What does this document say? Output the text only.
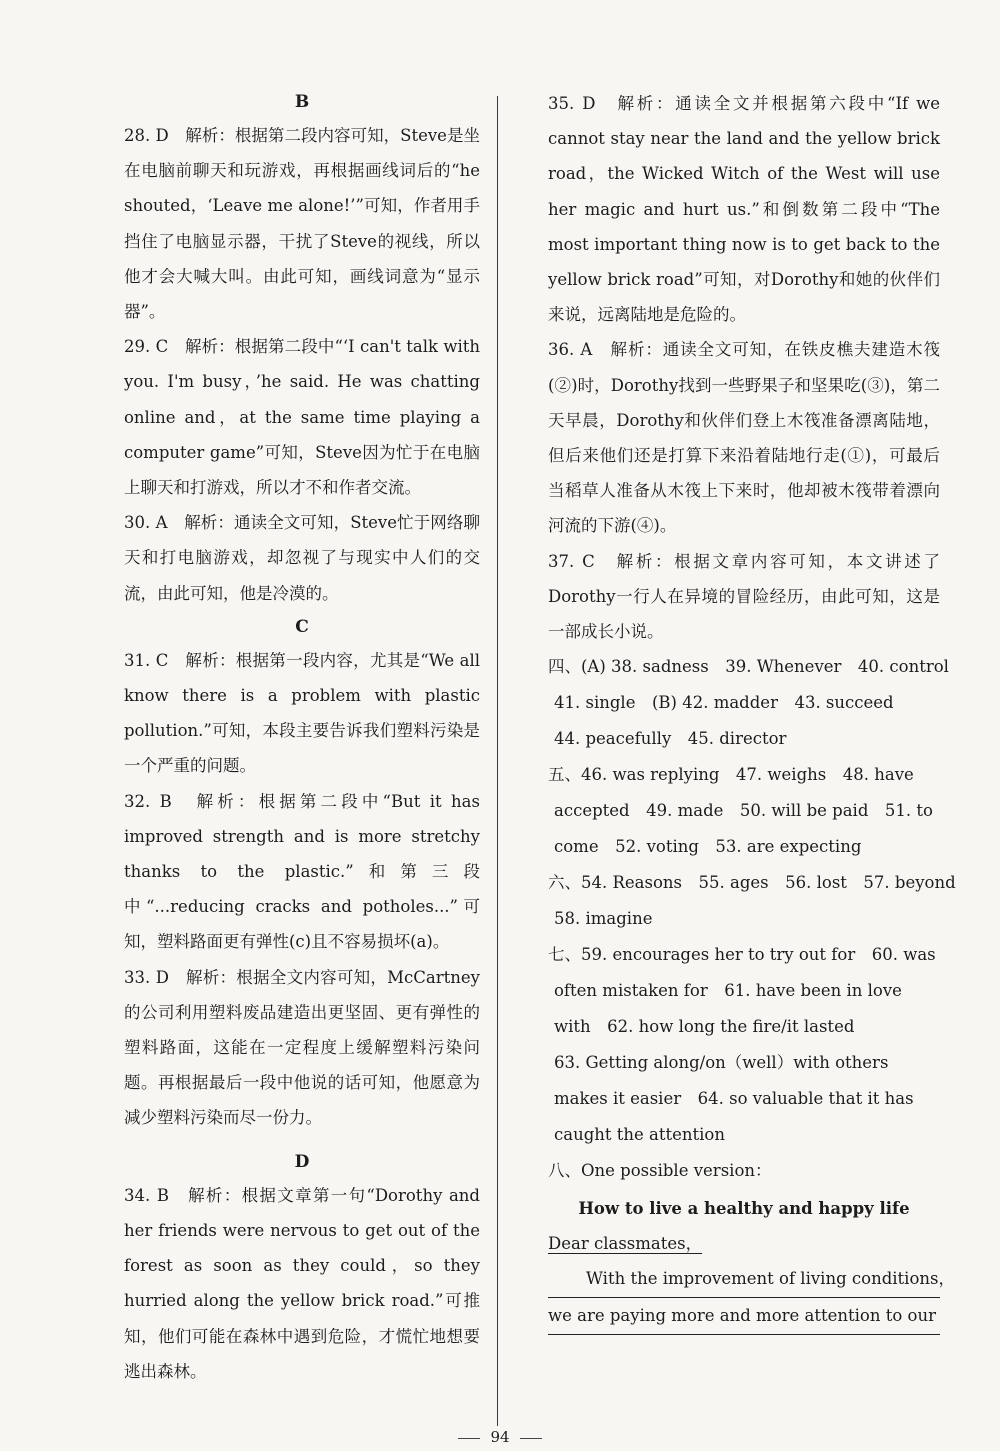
B
28. D　解析：根据第二段内容可知，Steve是坐在电脑前聊天和玩游戏，再根据画线词后的“he shouted，‘Leave me alone!’”可知，作者用手挡住了电脑显示器，干扰了Steve的视线，所以他才会大喊大叫。由此可知，画线词意为“显示器”。
29. C　解析：根据第二段中“‘I can't talk with you. I'm busy，’he said. He was chatting online and，at the same time playing a computer game”可知，Steve因为忙于在电脑上聊天和打游戏，所以才不和作者交流。
30. A　解析：通读全文可知，Steve忙于网络聊天和打电脑游戏，却忽视了与现实中人们的交流，由此可知，他是冷漠的。
C
31. C　解析：根据第一段内容，尤其是“We all know there is a problem with plastic pollution.”可知，本段主要告诉我们塑料污染是一个严重的问题。
32. B　解析：根据第二段中“But it has improved strength and is more stretchy thanks to the plastic.”和第三段中“...reducing cracks and potholes...”可知，塑料路面更有弹性(c)且不容易损坏(a)。
33. D　解析：根据全文内容可知，McCartney的公司利用塑料废品建造出更坚固、更有弹性的塑料路面，这能在一定程度上缓解塑料污染问题。再根据最后一段中他说的话可知，他愿意为减少塑料污染而尽一份力。
D
34. B　解析：根据文章第一句“Dorothy and her friends were nervous to get out of the forest as soon as they could，so they hurried along the yellow brick road.”可推知，他们可能在森林中遇到危险，才慌忙地想要逃出森林。
35. D　解析：通读全文并根据第六段中“If we cannot stay near the land and the yellow brick road，the Wicked Witch of the West will use her magic and hurt us.”和倒数第二段中“The most important thing now is to get back to the yellow brick road”可知，对Dorothy和她的伙伴们来说，远离陆地是危险的。
36. A　解析：通读全文可知，在铁皮樵夫建造木筏(②)时，Dorothy找到一些野果子和坚果吃(③)，第二天早晨，Dorothy和伙伴们登上木筏准备漂离陆地，但后来他们还是打算下来沿着陆地行走(①)，可最后当稻草人准备从木筏上下来时，他却被木筏带着漂向河流的下游(④)。
37. C　解析：根据文章内容可知，本文讲述了Dorothy一行人在异境的冒险经历，由此可知，这是一部成长小说。
四、(A) 38. sadness　39. Whenever　40. control
41. single　(B) 42. madder　43. succeed
44. peacefully　45. director
五、46. was replying　47. weighs　48. have
accepted　49. made　50. will be paid　51. to
come　52. voting　53. are expecting
六、54. Reasons　55. ages　56. lost　57. beyond
58. imagine
七、59. encourages her to try out for　60. was
often mistaken for　61. have been in love
with　62. how long the fire/it lasted
63. Getting along/on（well）with others
makes it easier　64. so valuable that it has
caught the attention
八、One possible version：
How to live a healthy and happy life
Dear classmates，
With the improvement of living conditions，
we are paying more and more attention to our
94
